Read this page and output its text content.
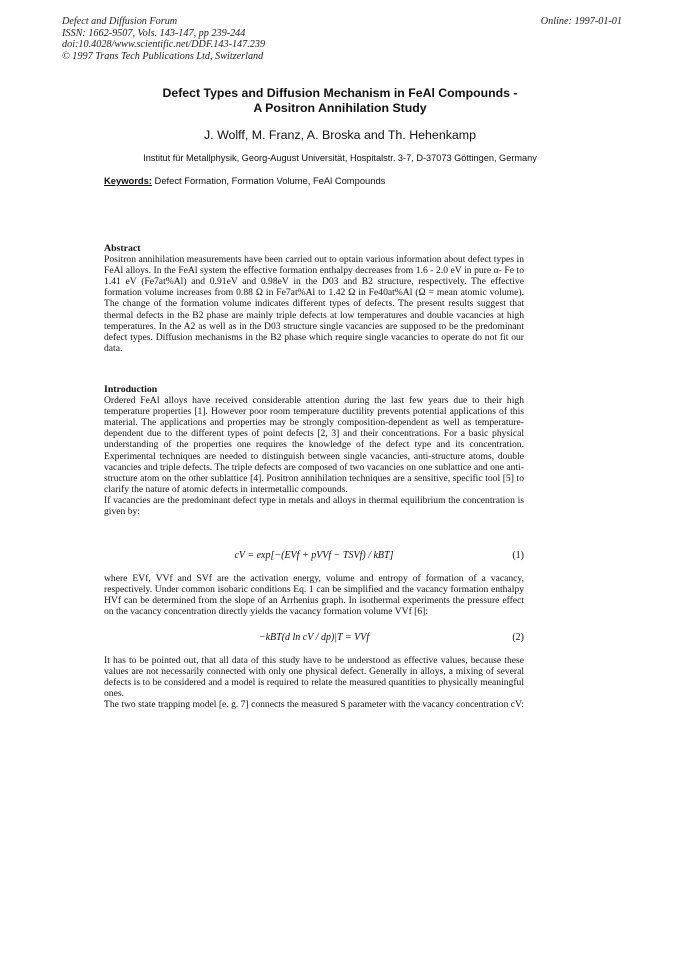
Defect and Diffusion Forum
ISSN: 1662-9507, Vols. 143-147, pp 239-244
doi:10.4028/www.scientific.net/DDF.143-147.239
© 1997 Trans Tech Publications Ltd, Switzerland
Online: 1997-01-01
Defect Types and Diffusion Mechanism in FeAl Compounds -
A Positron Annihilation Study
J. Wolff, M. Franz, A. Broska and Th. Hehenkamp
Institut für Metallphysik, Georg-August Universität, Hospitalstr. 3-7, D-37073 Göttingen, Germany
Keywords: Defect Formation, Formation Volume, FeAl Compounds

Abstract

Positron annihilation measurements have been carried out to optain various information about defect types in FeAl alloys. In the FeAl system the effective formation enthalpy decreases from 1.6 - 2.0 eV in pure α- Fe to 1.41 eV (Fe7at%Al) and 0.91eV and 0.98eV in the D03 and B2 structure, respectively. The effective formation volume increases from 0.88 Ω in Fe7at%Al to 1.42 Ω in Fe40at%Al (Ω = mean atomic volume). The change of the formation volume indicates different types of defects. The present results suggest that thermal defects in the B2 phase are mainly triple defects at low temperatures and double vacancies at high temperatures. In the A2 as well as in the D03 structure single vacancies are supposed to be the predominant defect types. Diffusion mechanisms in the B2 phase which require single vacancies to operate do not fit our data.

Introduction

Ordered FeAl alloys have received considerable attention during the last few years due to their high temperature properties [1]. However poor room temperature ductility prevents potential applications of this material. The applications and properties may be strongly composition-dependent as well as temperature-dependent due to the different types of point defects [2, 3] and their concentrations. For a basic physical understanding of the properties one requires the knowledge of the defect type and its concentration. Experimental techniques are needed to distinguish between single vacancies, anti-structure atoms, double vacancies and triple defects. The triple defects are composed of two vacancies on one sublattice and one anti-structure atom on the other sublattice [4]. Positron annihilation techniques are a sensitive, specific tool [5] to clarify the nature of atomic defects in intermetallic compounds.

If vacancies are the predominant defect type in metals and alloys in thermal equilibrium the concentration is given by:

cV = exp[−(EVf + pVVf − TSVf) / kBT]	(1)

where EVf, VVf and SVf are the activation energy, volume and entropy of formation of a vacancy, respectively. Under common isobaric conditions Eq. 1 can be simplified and the vacancy formation enthalpy HVf can be determined from the slope of an Arrhenius graph. In isothermal experiments the pressure effect on the vacancy concentration directly yields the vacancy formation volume VVf [6]:

−kBT(d ln cV / dp)|T = VVf	(2)

It has to be pointed out, that all data of this study have to be understood as effective values, because these values are not necessarily connected with only one physical defect. Generally in alloys, a mixing of several defects is to be considered and a model is required to relate the measured quantities to physically meaningful ones.

The two state trapping model [e. g. 7] connects the measured S parameter with the vacancy concentration cV:
